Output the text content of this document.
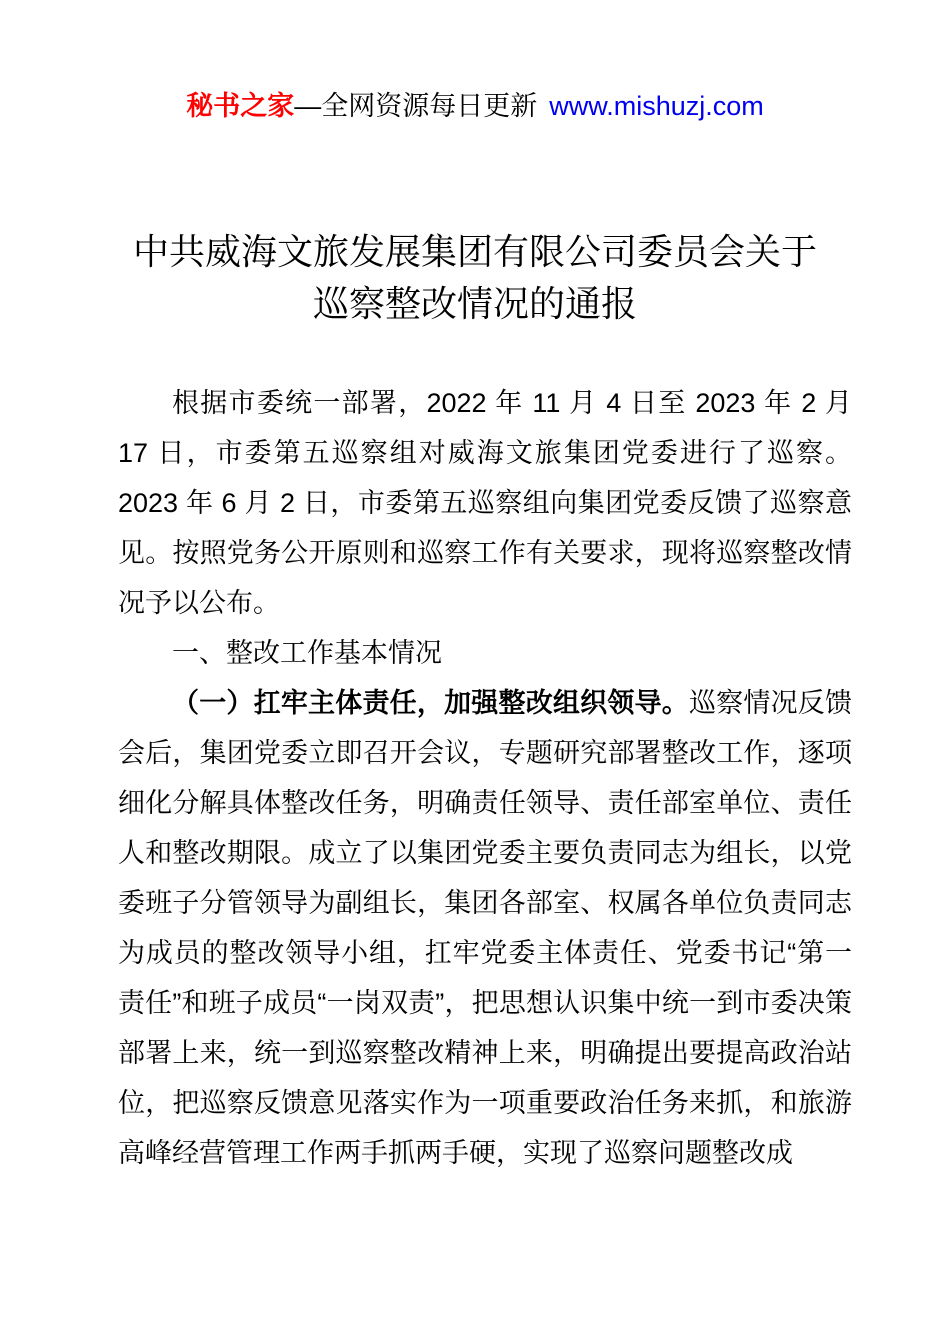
秘书之家—全网资源每日更新 www.mishuzj.com
中共威海文旅发展集团有限公司委员会关于
巡察整改情况的通报

根据市委统一部署，2022 年 11 月 4 日至 2023 年 2 月 17 日，市委第五巡察组对威海文旅集团党委进行了巡察。2023 年 6 月 2 日，市委第五巡察组向集团党委反馈了巡察意见。按照党务公开原则和巡察工作有关要求，现将巡察整改情况予以公布。

一、整改工作基本情况

（一）扛牢主体责任，加强整改组织领导。巡察情况反馈会后，集团党委立即召开会议，专题研究部署整改工作，逐项细化分解具体整改任务，明确责任领导、责任部室单位、责任人和整改期限。成立了以集团党委主要负责同志为组长，以党委班子分管领导为副组长，集团各部室、权属各单位负责同志为成员的整改领导小组，扛牢党委主体责任、党委书记“第一责任”和班子成员“一岗双责”，把思想认识集中统一到市委决策部署上来，统一到巡察整改精神上来，明确提出要提高政治站位，把巡察反馈意见落实作为一项重要政治任务来抓，和旅游高峰经营管理工作两手抓两手硬，实现了巡察问题整改成
